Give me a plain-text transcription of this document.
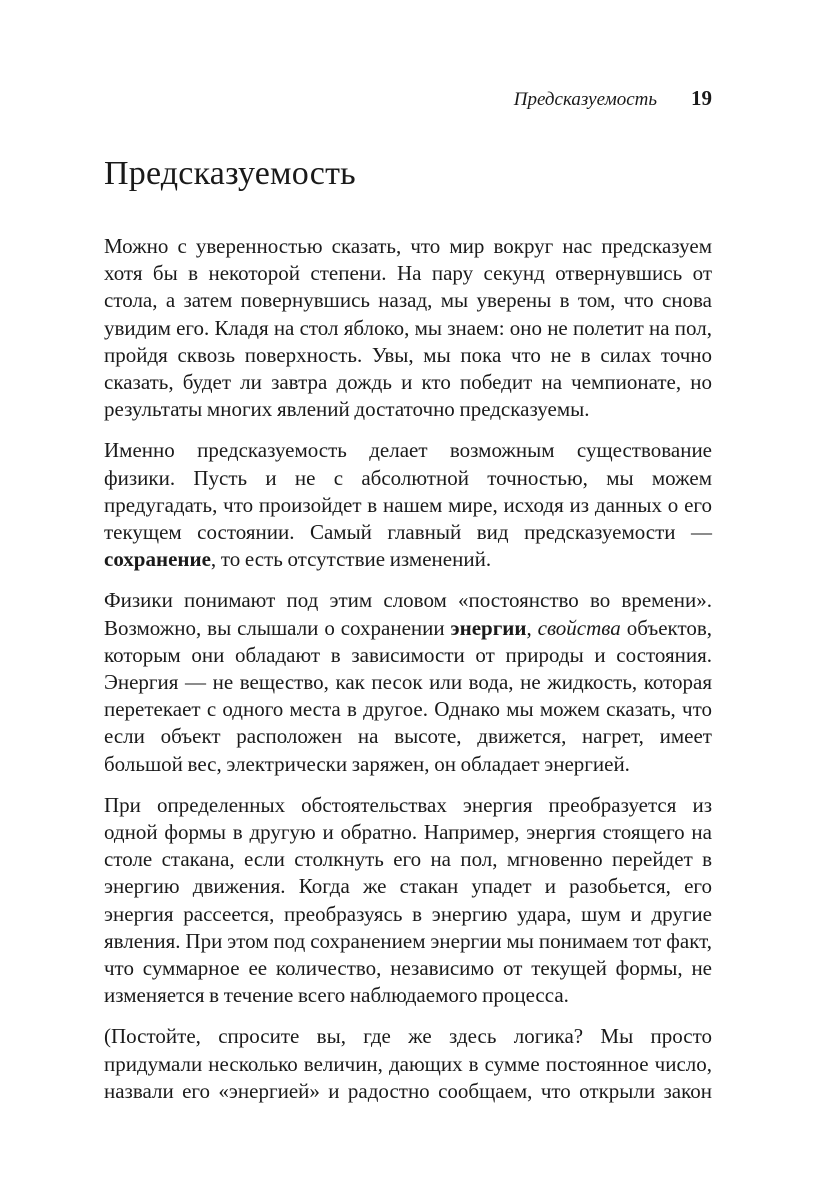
Предсказуемость 19
Предсказуемость

Можно с уверенностью сказать, что мир вокруг нас предсказуем хотя бы в некоторой степени. На пару секунд отвернувшись от стола, а затем повернувшись назад, мы уверены в том, что снова увидим его. Кладя на стол яблоко, мы знаем: оно не полетит на пол, пройдя сквозь поверхность. Увы, мы пока что не в силах точно сказать, будет ли завтра дождь и кто победит на чемпионате, но результаты многих явлений достаточно предсказуемы.

Именно предсказуемость делает возможным существование физики. Пусть и не с абсолютной точностью, мы можем предугадать, что произойдет в нашем мире, исходя из данных о его текущем состоянии. Самый главный вид предсказуемости — сохранение, то есть отсутствие изменений.

Физики понимают под этим словом «постоянство во времени». Возможно, вы слышали о сохранении энергии, свойства объектов, которым они обладают в зависимости от природы и состояния. Энергия — не вещество, как песок или вода, не жидкость, которая перетекает с одного места в другое. Однако мы можем сказать, что если объект расположен на высоте, движется, нагрет, имеет большой вес, электрически заряжен, он обладает энергией.

При определенных обстоятельствах энергия преобразуется из одной формы в другую и обратно. Например, энергия стоящего на столе стакана, если столкнуть его на пол, мгновенно перейдет в энергию движения. Когда же стакан упадет и разобьется, его энергия рассеется, преобразуясь в энергию удара, шум и другие явления. При этом под сохранением энергии мы понимаем тот факт, что суммарное ее количество, независимо от текущей формы, не изменяется в течение всего наблюдаемого процесса.

(Постойте, спросите вы, где же здесь логика? Мы просто придумали несколько величин, дающих в сумме постоянное число, назвали его «энергией» и радостно сообщаем, что открыли закон
